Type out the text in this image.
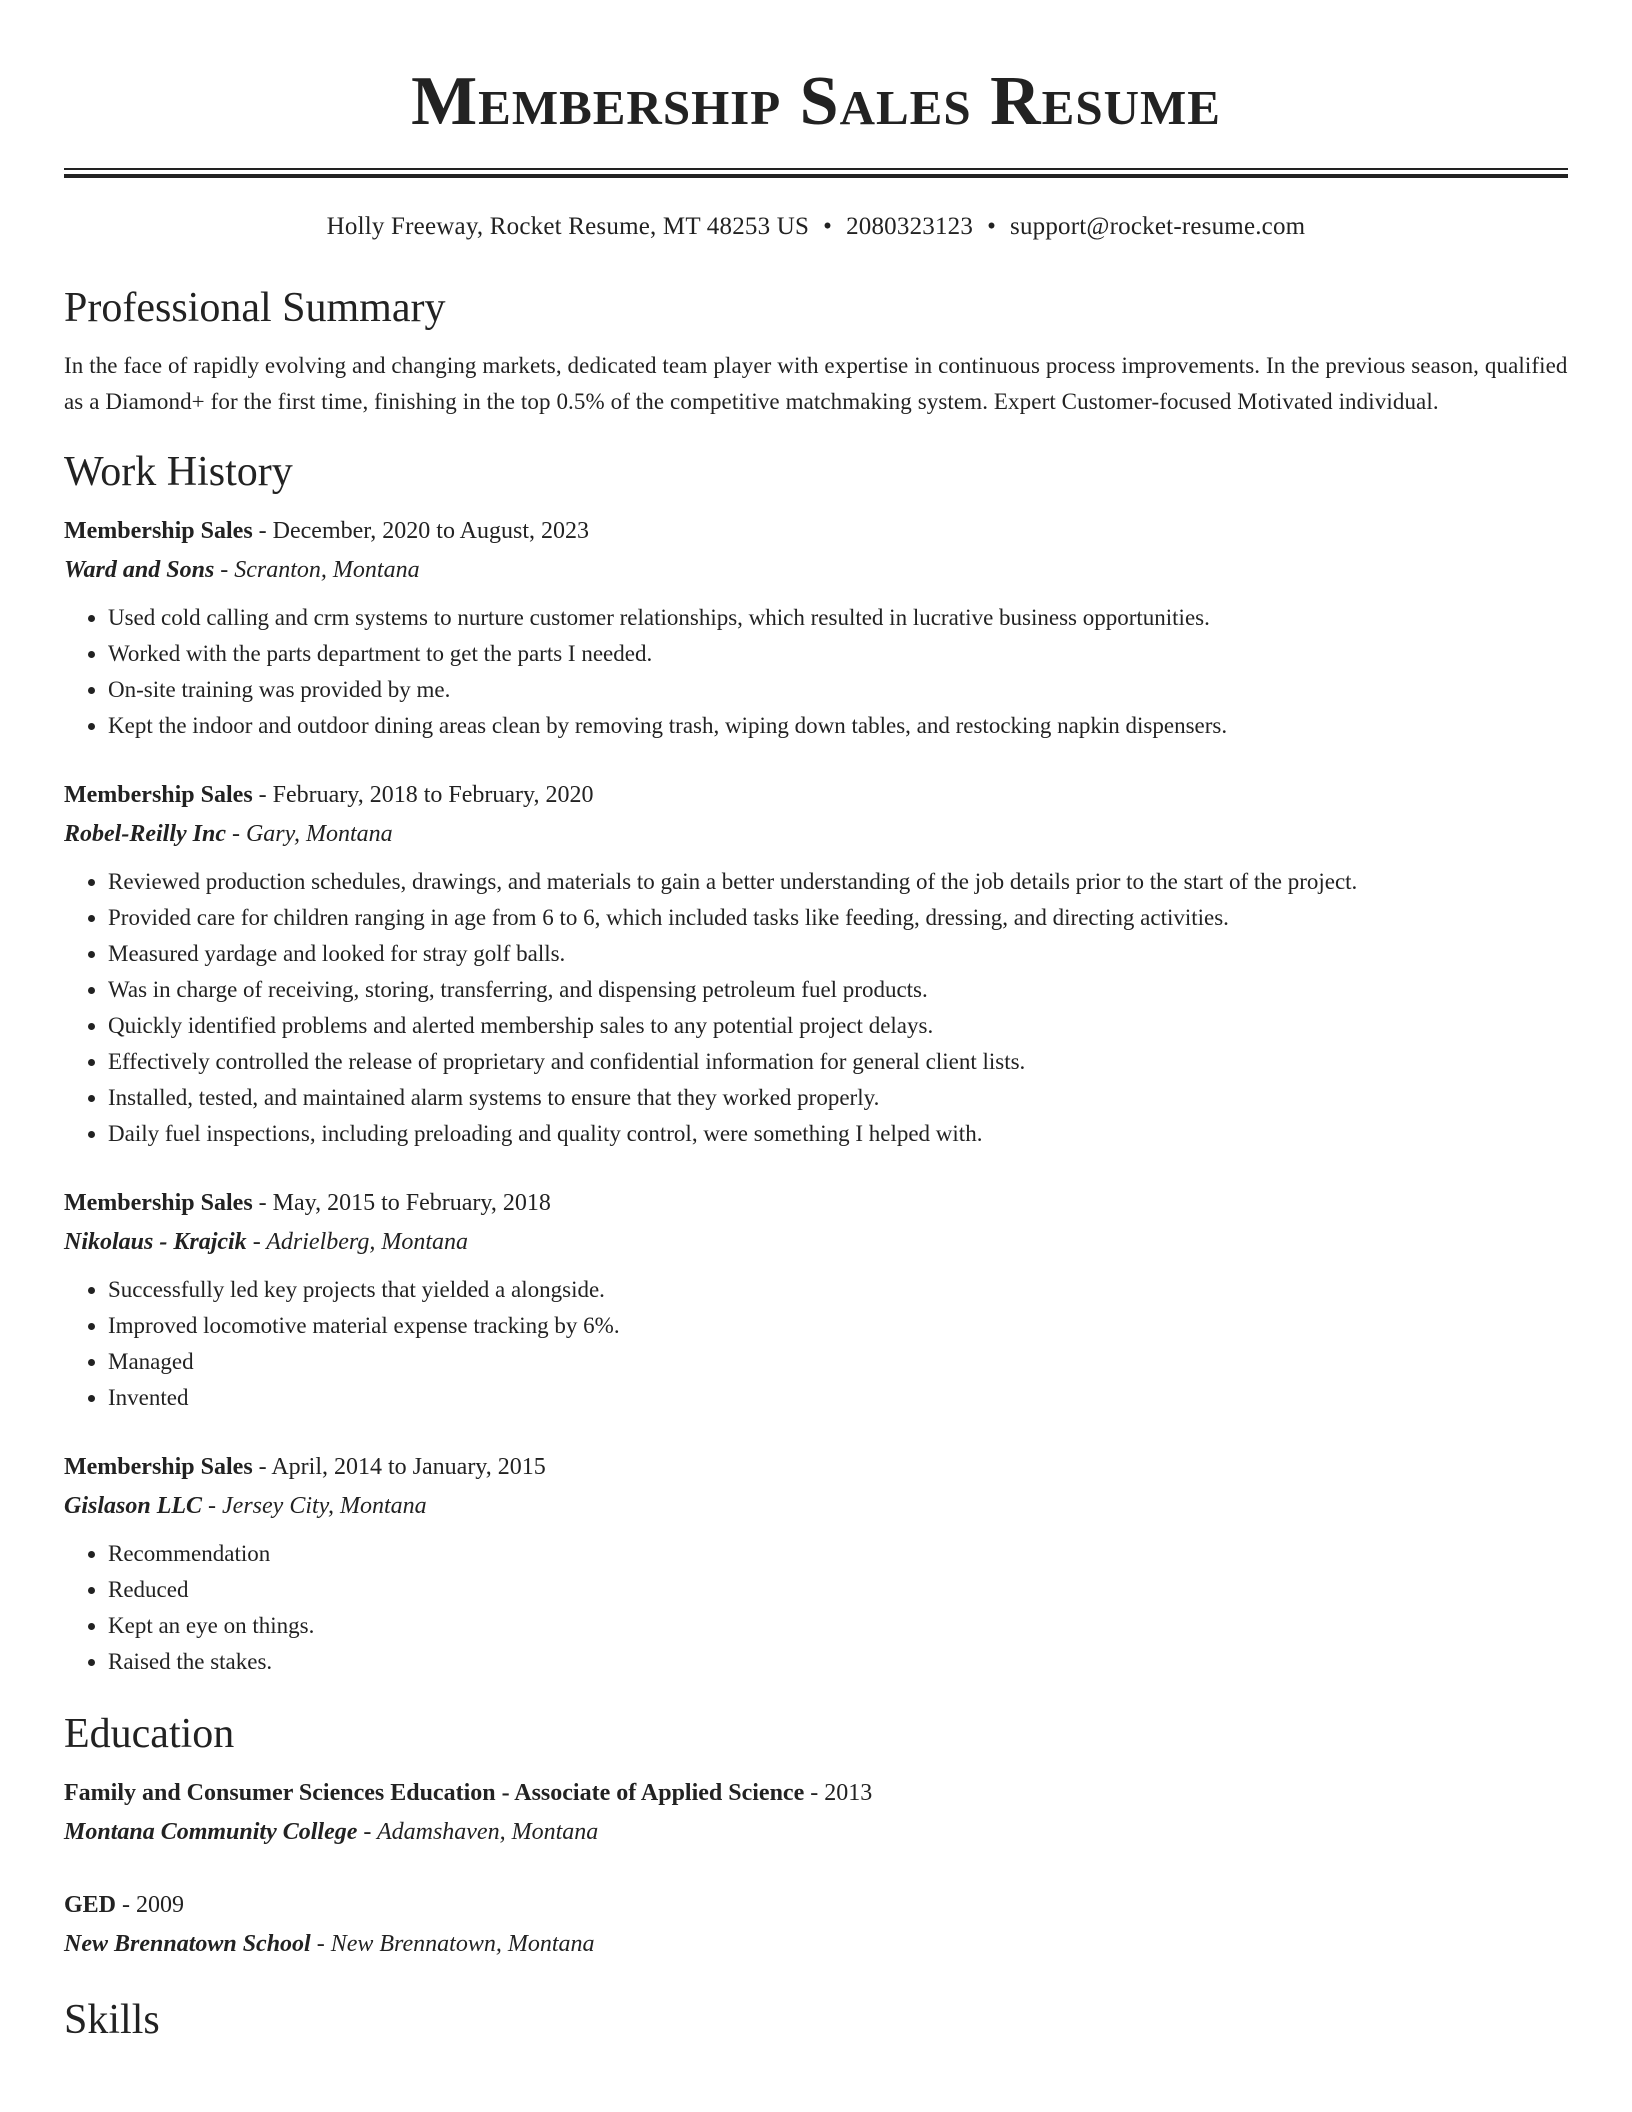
Membership Sales Resume
Holly Freeway, Rocket Resume, MT 48253 US • 2080323123 • support@rocket-resume.com
Professional Summary
In the face of rapidly evolving and changing markets, dedicated team player with expertise in continuous process improvements. In the previous season, qualified as a Diamond+ for the first time, finishing in the top 0.5% of the competitive matchmaking system. Expert Customer-focused Motivated individual.
Work History
Membership Sales - December, 2020 to August, 2023
Ward and Sons - Scranton, Montana
• Used cold calling and crm systems to nurture customer relationships, which resulted in lucrative business opportunities.
• Worked with the parts department to get the parts I needed.
• On-site training was provided by me.
• Kept the indoor and outdoor dining areas clean by removing trash, wiping down tables, and restocking napkin dispensers.
Membership Sales - February, 2018 to February, 2020
Robel-Reilly Inc - Gary, Montana
• Reviewed production schedules, drawings, and materials to gain a better understanding of the job details prior to the start of the project.
• Provided care for children ranging in age from 6 to 6, which included tasks like feeding, dressing, and directing activities.
• Measured yardage and looked for stray golf balls.
• Was in charge of receiving, storing, transferring, and dispensing petroleum fuel products.
• Quickly identified problems and alerted membership sales to any potential project delays.
• Effectively controlled the release of proprietary and confidential information for general client lists.
• Installed, tested, and maintained alarm systems to ensure that they worked properly.
• Daily fuel inspections, including preloading and quality control, were something I helped with.
Membership Sales - May, 2015 to February, 2018
Nikolaus - Krajcik - Adrielberg, Montana
• Successfully led key projects that yielded a alongside.
• Improved locomotive material expense tracking by 6%.
• Managed
• Invented
Membership Sales - April, 2014 to January, 2015
Gislason LLC - Jersey City, Montana
• Recommendation
• Reduced
• Kept an eye on things.
• Raised the stakes.
Education
Family and Consumer Sciences Education - Associate of Applied Science - 2013
Montana Community College - Adamshaven, Montana
GED - 2009
New Brennatown School - New Brennatown, Montana
Skills
